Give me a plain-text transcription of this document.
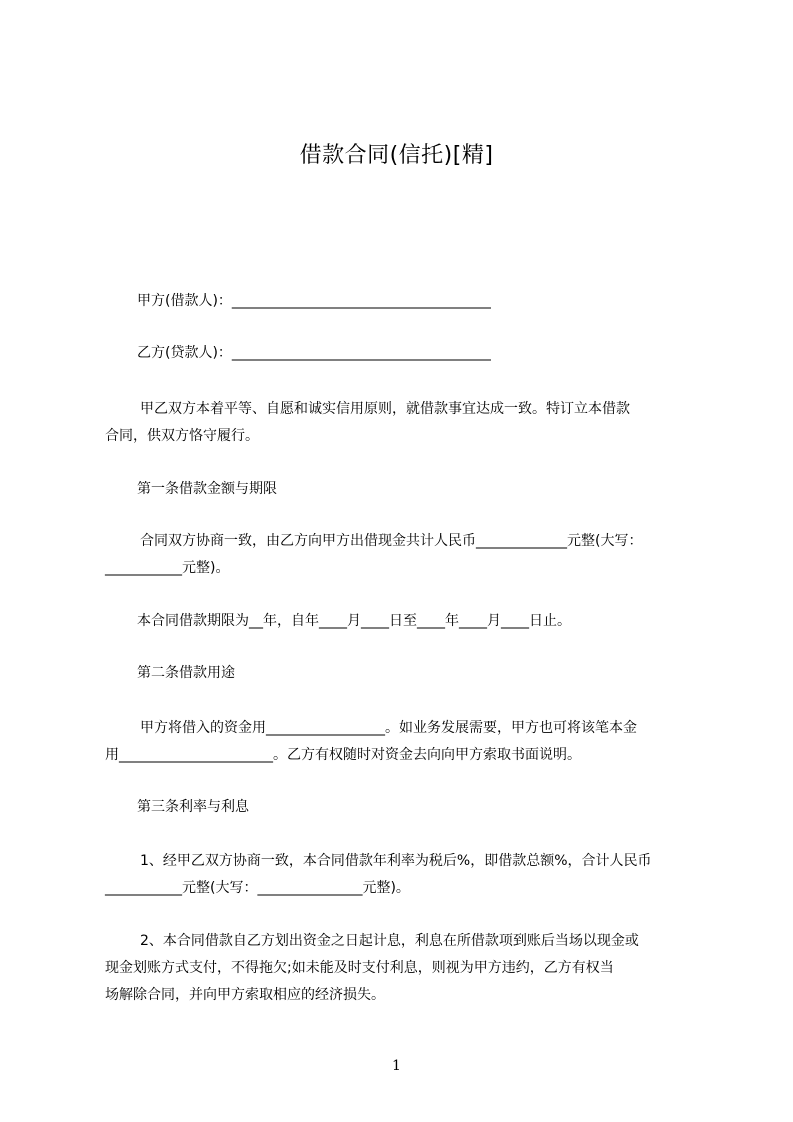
借款合同(信托)[精]
甲方(借款人)：_____________________________________
乙方(贷款人)：_____________________________________
甲乙双方本着平等、自愿和诚实信用原则，就借款事宜达成一致。特订立本借款
合同，供双方恪守履行。
第一条借款金额与期限
合同双方协商一致，由乙方向甲方出借现金共计人民币_____________元整(大写：
___________元整)。
本合同借款期限为__年，自年____月____日至____年____月____日止。
第二条借款用途
甲方将借入的资金用_________________。如业务发展需要，甲方也可将该笔本金
用______________________。乙方有权随时对资金去向向甲方索取书面说明。
第三条利率与利息
1、经甲乙双方协商一致，本合同借款年利率为税后%，即借款总额%，合计人民币
___________元整(大写：_______________元整)。
2、本合同借款自乙方划出资金之日起计息，利息在所借款项到账后当场以现金或
现金划账方式支付，不得拖欠;如未能及时支付利息，则视为甲方违约，乙方有权当
场解除合同，并向甲方索取相应的经济损失。
1
